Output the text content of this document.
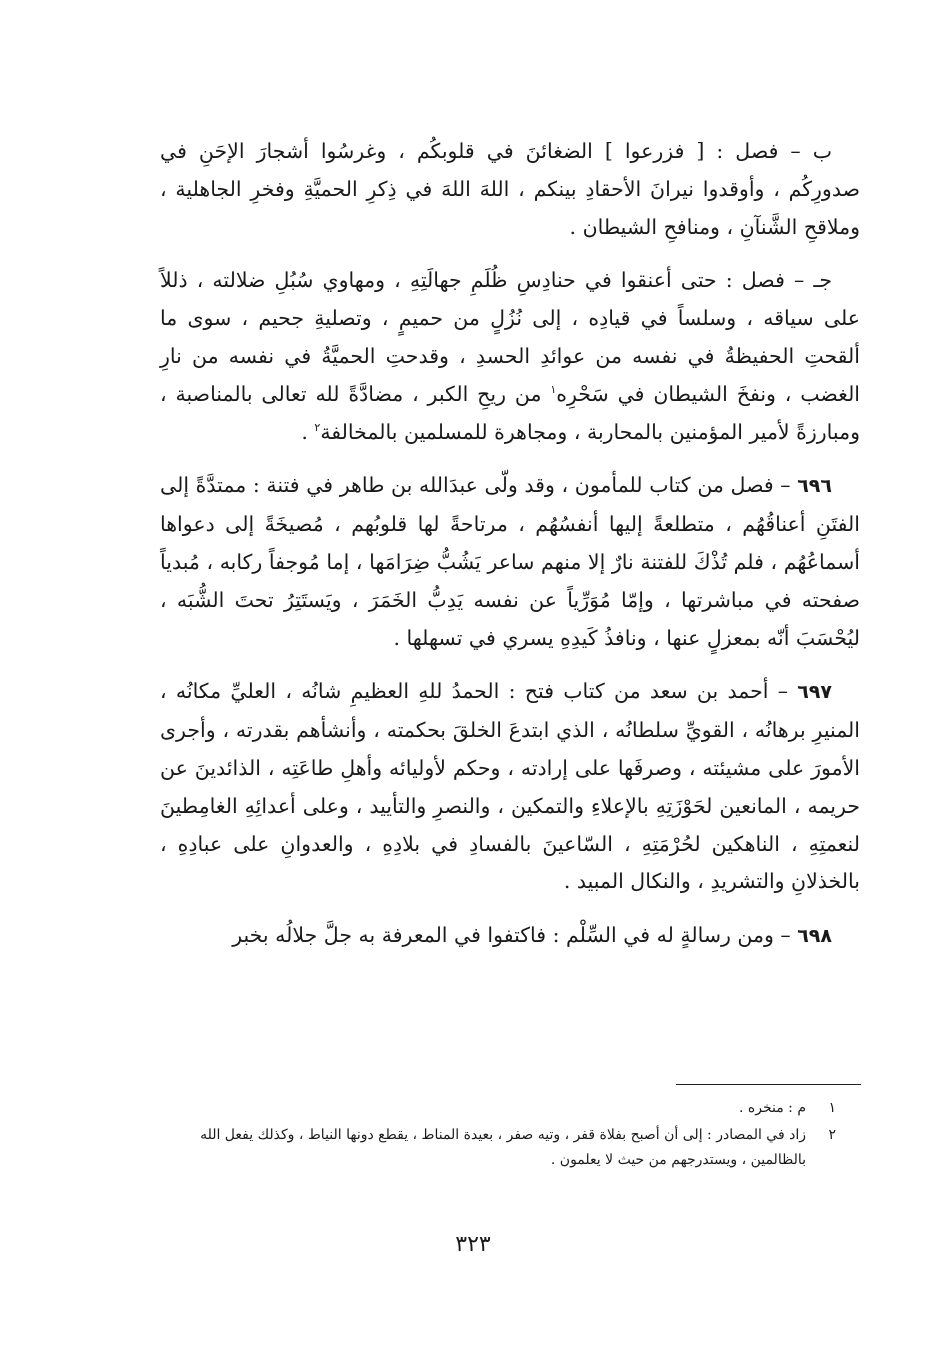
ب – فصل : [ فزرعوا ] الضغائنَ في قلوبكُم ، وغرسُوا أشجارَ الإحَنِ في صدورِكُم ، وأوقدوا نيرانَ الأحقادِ بينكم ، اللهَ اللهَ في ذِكرِ الحميَّةِ وفخرِ الجاهلية ، وملاقحِ الشَّنآنِ ، ومنافحِ الشيطان .

جـ – فصل : حتى أعنقوا في حنادِسِ ظُلَمِ جهالَتِهِ ، ومهاوي سُبُلِ ضلالته ، ذللاً على سياقه ، وسلساً في قيادِه ، إلى نُزُلٍ من حميمٍ ، وتصليةِ جحيم ، سوى ما ألقحتِ الحفيظةُ في نفسه من عوائدِ الحسدِ ، وقدحتِ الحميَّةُ في نفسه من نارِ الغضب ، ونفخَ الشيطان في سَحْرِه$^١$ من ريحِ الكبر ، مضادَّةً لله تعالى بالمناصبة ، ومبارزةً لأمير المؤمنين بالمحاربة ، ومجاهرة للمسلمين بالمخالفة$^٢$ .

٦٩٦ – فصل من كتاب للمأمون ، وقد ولّى عبدَالله بن طاهر في فتنة : ممتدَّةً إلى الفتَنِ أعناقُهُم ، متطلعةً إليها أنفسُهُم ، مرتاحةً لها قلوبُهم ، مُصيخَةً إلى دعواها أسماعُهُم ، فلم تُذْكَ للفتنة نارٌ إلا منهم ساعر يَشُبُّ ضِرَامَها ، إما مُوجفاً ركابه ، مُبدياً صفحته في مباشرتها ، وإمّا مُوَرِّياً عن نفسه يَدِبُّ الخَمَرَ ، ويَستَتِرُ تحتَ الشُّبَه ، ليُحْسَبَ أنّه بمعزلٍ عنها ، ونافذُ كَيدِهِ يسري في تسهلها .

٦٩٧ – أحمد بن سعد من كتاب فتح : الحمدُ للهِ العظيمِ شانُه ، العليِّ مكانُه ، المنيرِ برهانُه ، القويِّ سلطانُه ، الذي ابتدعَ الخلقَ بحكمته ، وأنشأهم بقدرته ، وأجرى الأمورَ على مشيئته ، وصرفَها على إرادته ، وحكم لأوليائه وأهلِ طاعَتِه ، الذائدينَ عن حريمه ، المانعين لحَوْزَتِهِ بالإعلاءِ والتمكين ، والنصرِ والتأييد ، وعلى أعدائِهِ الغامِطينَ لنعمتِهِ ، الناهكين لحُرْمَتِهِ ، السّاعينَ بالفسادِ في بلادِهِ ، والعدوانِ على عبادِهِ ، بالخذلانِ والتشريدِ ، والنكال المبيد .

٦٩٨ – ومن رسالةٍ له في السِّلْم : فاكتفوا في المعرفة به جلَّ جلالُه بخبر

١
م : منخره .
٢
زاد في المصادر : إلى أن أصبح بفلاة قفر ، وتيه صفر ، بعيدة المناط ، يقطع دونها النياط ، وكذلك يفعل الله بالظالمين ، ويستدرجهم من حيث لا يعلمون .
٣٢٣
